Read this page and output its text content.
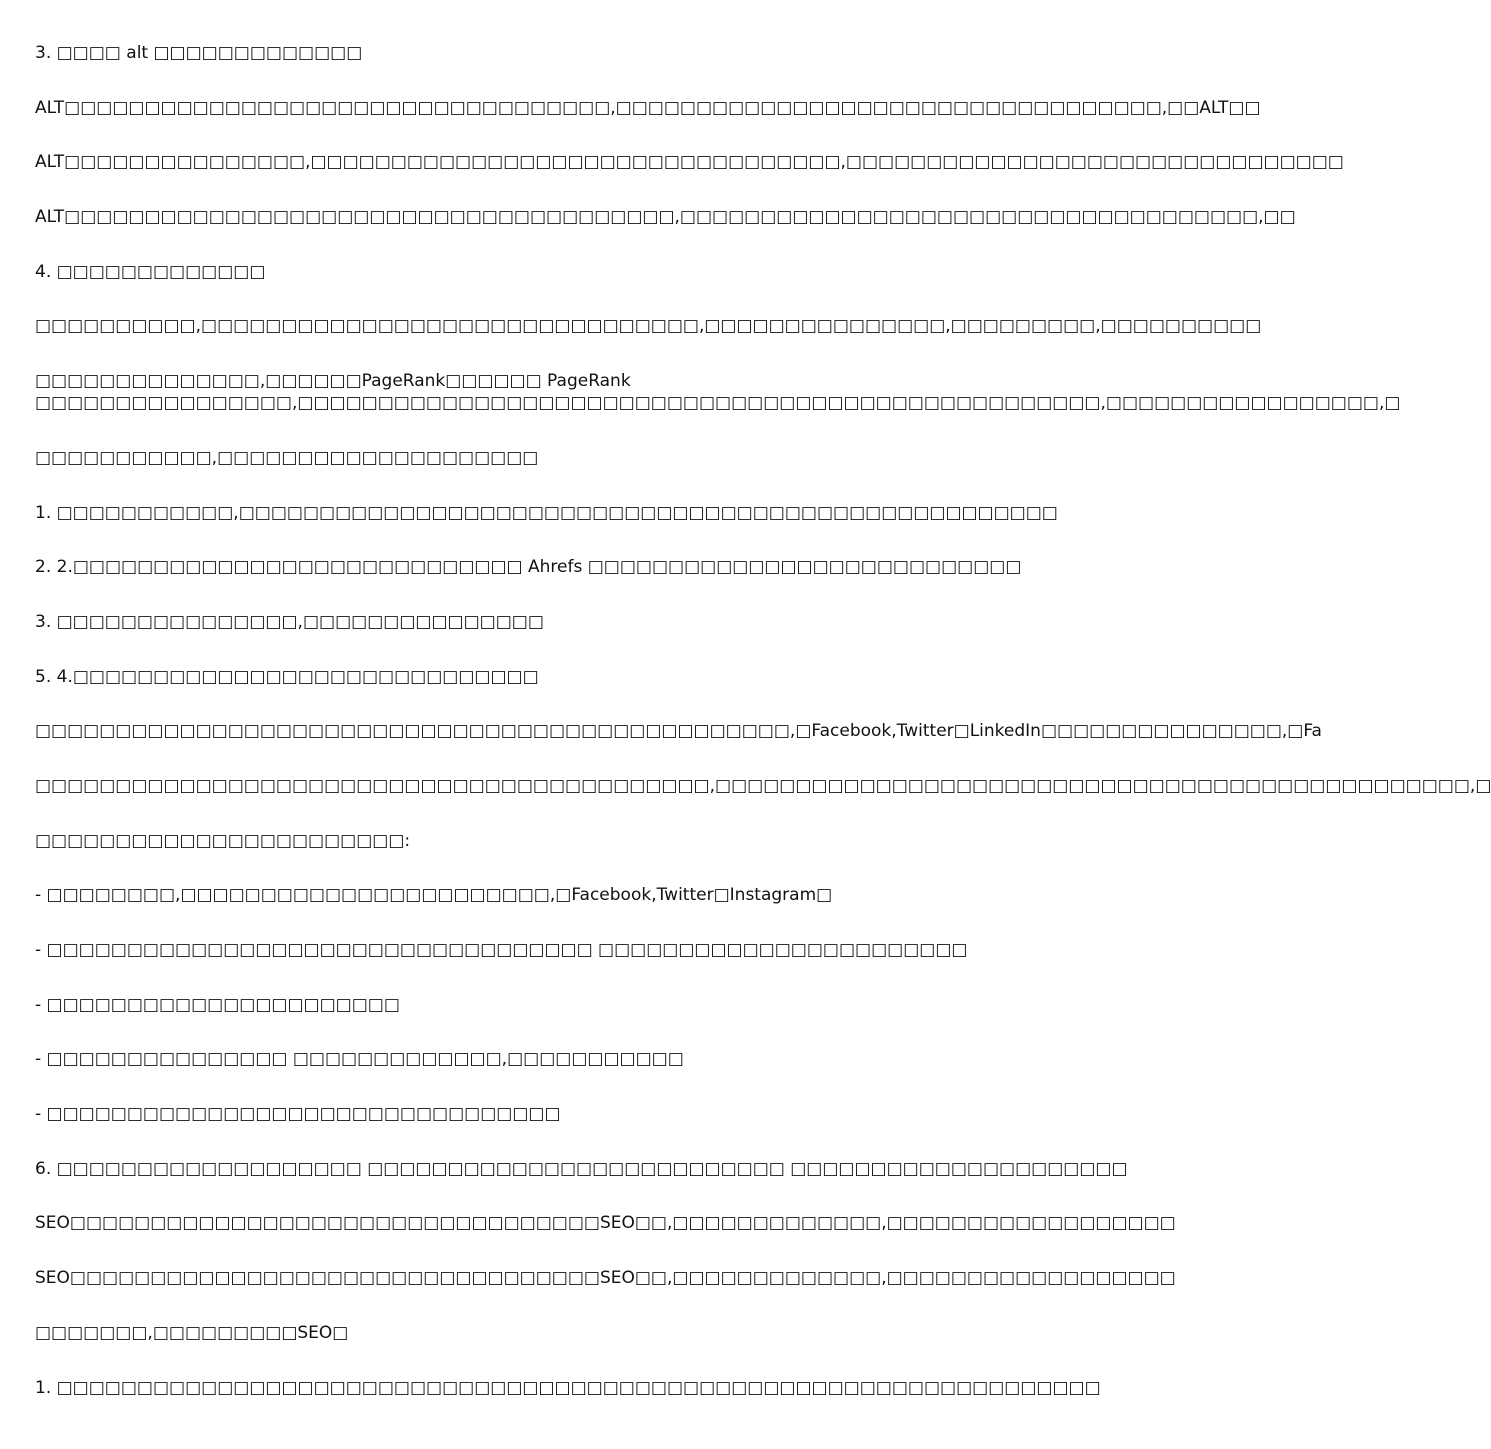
3. □□□□ alt □□□□□□□□□□□□□
ALT□□□□□□□□□□□□□□□□□□□□□□□□□□□□□□□□□□,□□□□□□□□□□□□□□□□□□□□□□□□□□□□□□□□□□,□□ALT□□
ALT□□□□□□□□□□□□□□□,□□□□□□□□□□□□□□□□□□□□□□□□□□□□□□□□□,□□□□□□□□□□□□□□□□□□□□□□□□□□□□□□□
ALT□□□□□□□□□□□□□□□□□□□□□□□□□□□□□□□□□□□□□□,□□□□□□□□□□□□□□□□□□□□□□□□□□□□□□□□□□□□,□□
4. □□□□□□□□□□□□□
□□□□□□□□□□,□□□□□□□□□□□□□□□□□□□□□□□□□□□□□□□,□□□□□□□□□□□□□□□,□□□□□□□□□,□□□□□□□□□□
□□□□□□□□□□□□□□,□□□□□□PageRank□□□□□□ PageRank
□□□□□□□□□□□□□□□□,□□□□□□□□□□□□□□□□□□□□□□□□□□□□□□□□□□□□□□□□□□□□□□□□□□,□□□□□□□□□□□□□□□□□,□
□□□□□□□□□□□,□□□□□□□□□□□□□□□□□□□□
1. □□□□□□□□□□□,□□□□□□□□□□□□□□□□□□□□□□□□□□□□□□□□□□□□□□□□□□□□□□□□□□□
2. 2.□□□□□□□□□□□□□□□□□□□□□□□□□□□□ Ahrefs □□□□□□□□□□□□□□□□□□□□□□□□□□□
3. □□□□□□□□□□□□□□□,□□□□□□□□□□□□□□□
5. 4.□□□□□□□□□□□□□□□□□□□□□□□□□□□□□
□□□□□□□□□□□□□□□□□□□□□□□□□□□□□□□□□□□□□□□□□□□□□□□,□Facebook,Twitter□LinkedIn□□□□□□□□□□□□□□□,□Fa
□□□□□□□□□□□□□□□□□□□□□□□□□□□□□□□□□□□□□□□□□□,□□□□□□□□□□□□□□□□□□□□□□□□□□□□□□□□□□□□□□□□□□□□□□□,□
□□□□□□□□□□□□□□□□□□□□□□□:
- □□□□□□□□,□□□□□□□□□□□□□□□□□□□□□□□,□Facebook,Twitter□Instagram□
- □□□□□□□□□□□□□□□□□□□□□□□□□□□□□□□□□□ □□□□□□□□□□□□□□□□□□□□□□□
- □□□□□□□□□□□□□□□□□□□□□□
- □□□□□□□□□□□□□□□ □□□□□□□□□□□□□,□□□□□□□□□□□
- □□□□□□□□□□□□□□□□□□□□□□□□□□□□□□□□
6. □□□□□□□□□□□□□□□□□□□ □□□□□□□□□□□□□□□□□□□□□□□□□□ □□□□□□□□□□□□□□□□□□□□□
SEO□□□□□□□□□□□□□□□□□□□□□□□□□□□□□□□□□SEO□□,□□□□□□□□□□□□□,□□□□□□□□□□□□□□□□□□
SEO□□□□□□□□□□□□□□□□□□□□□□□□□□□□□□□□□SEO□□,□□□□□□□□□□□□□,□□□□□□□□□□□□□□□□□□
□□□□□□□,□□□□□□□□□SEO□
1. □□□□□□□□□□□□□□□□□□□□□□□□□□□□□□□□□□□□□□□□□□□□□□□□□□□□□□□□□□□□□□□□□
